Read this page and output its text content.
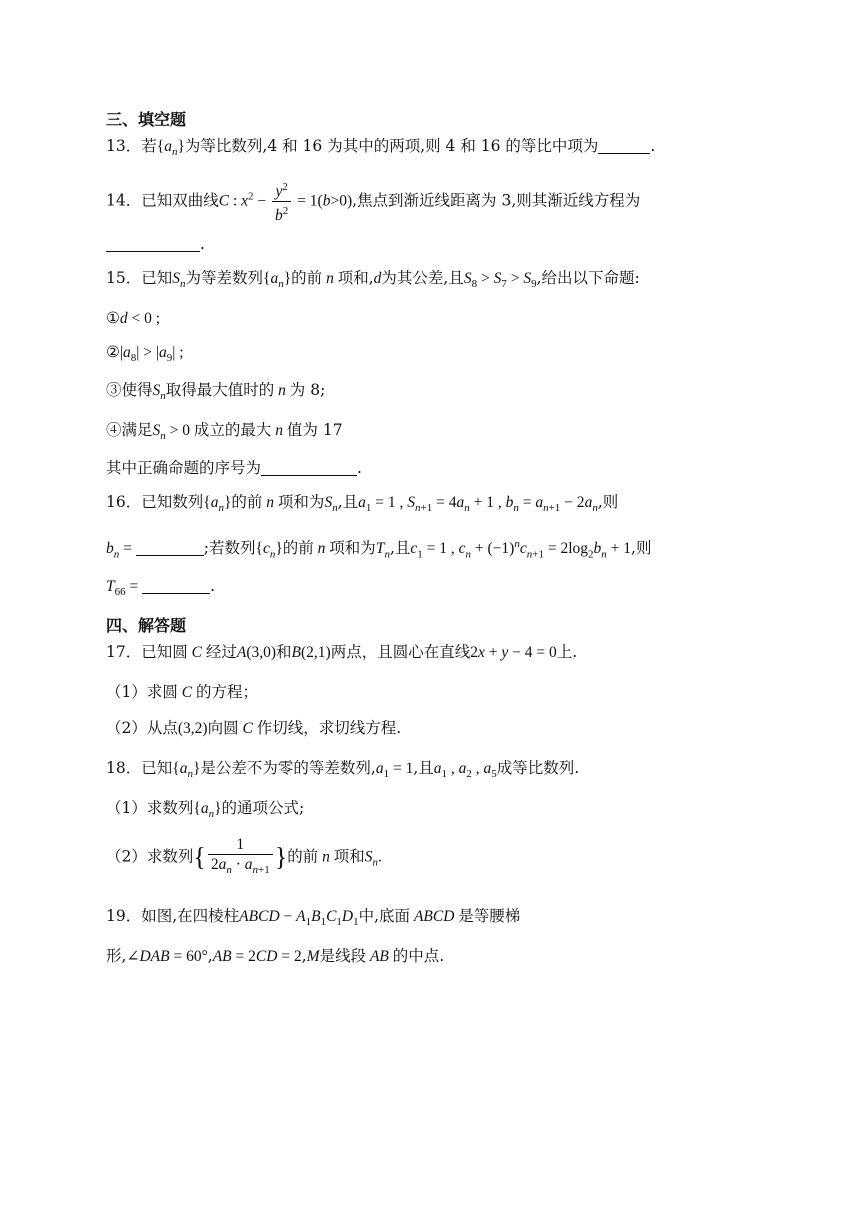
三、填空题
13．若$\{a_n\}$为等比数列,4 和 16 为其中的两项,则 4 和 16 的等比中项为	.
14．已知双曲线C : $x^2 - \frac{y^2}{b^2} = 1(b>0)$,焦点到渐近线距离为 3,则其渐近线方程为
.
15．已知$S_n$为等差数列$\{a_n\}$的前 n 项和,d为其公差,且$S_8 > S_7 > S_9$,给出以下命题:
①d < 0 ;
$②|a_8| > |a_9|$ ;
③使得$S_n$取得最大值时的 n 为 8;
④满足$S_n > 0$ 成立的最大 n 值为 17
其中正确命题的序号为	.
16．已知数列$\{a_n\}$的前 n 项和为$S_n$,且$a_1 = 1$ , $S_{n+1} = 4a_n + 1$ , $b_n = a_{n+1} - 2a_n$,则
$b_n$ =	;若数列$\{c_n\}$的前 n 项和为$T_n$,且$c_1 = 1$ , $c_n + (-1)^nc_{n+1} = 2\log_2b_n + 1$,则
$T_{66}$ =	.
四、解答题
17．已知圆 C 经过A(3,0)和B(2,1)两点，且圆心在直线2x + y − 4 = 0上.
（1）求圆 C 的方程；
（2）从点(3,2)向圆 C 作切线，求切线方程.
18．已知$\{a_n\}$是公差不为零的等差数列$,a_1 = 1$,且$a_1$ , $a_2$ , $a_5$成等比数列.
（1）求数列$\{a_n\}$的通项公式;
（2）求数列{ $\frac{1}{2a_n \cdot a_{n+1}}$ }的前 n 项和$S_n$.
19．如图,在四棱柱ABCD − $A_1B_1C_1D_1$中,底面 ABCD 是等腰梯
形,∠DAB = 60°,AB = 2CD = 2,M是线段 AB 的中点.
